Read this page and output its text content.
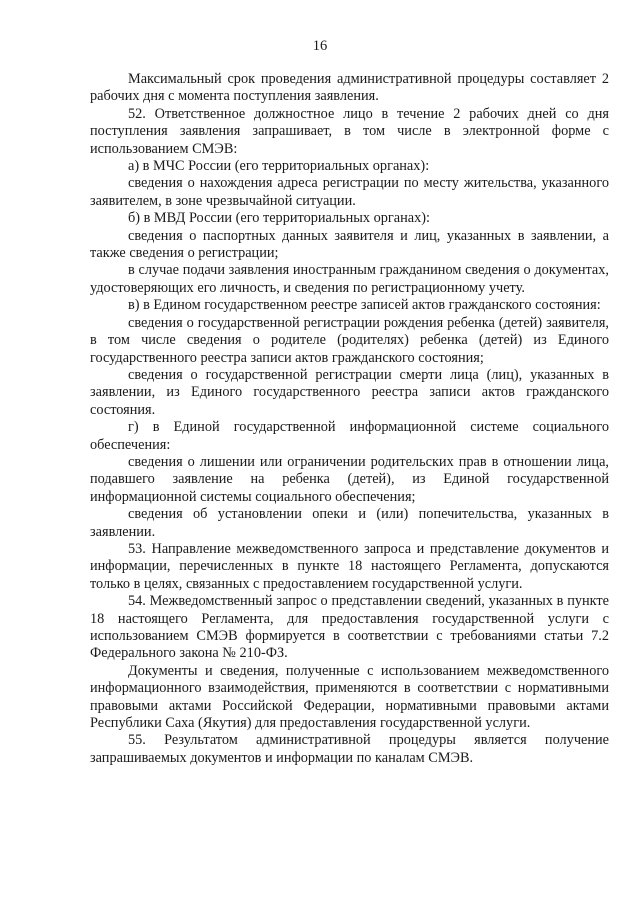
16

Максимальный срок проведения административной процедуры составляет 2 рабочих дня с момента поступления заявления.

52. Ответственное должностное лицо в течение 2 рабочих дней со дня поступления заявления запрашивает, в том числе в электронной форме с использованием СМЭВ:

а) в МЧС России (его территориальных органах):

сведения о нахождения адреса регистрации по месту жительства, указанного заявителем, в зоне чрезвычайной ситуации.

б) в МВД России (его территориальных органах):

сведения о паспортных данных заявителя и лиц, указанных в заявлении, а также сведения о регистрации;

в случае подачи заявления иностранным гражданином сведения о документах, удостоверяющих его личность, и сведения по регистрационному учету.

в) в Едином государственном реестре записей актов гражданского состояния:

сведения о государственной регистрации рождения ребенка (детей) заявителя, в том числе сведения о родителе (родителях) ребенка (детей) из Единого государственного реестра записи актов гражданского состояния;

сведения о государственной регистрации смерти лица (лиц), указанных в заявлении, из Единого государственного реестра записи актов гражданского состояния.

г) в Единой государственной информационной системе социального обеспечения:

сведения о лишении или ограничении родительских прав в отношении лица, подавшего заявление на ребенка (детей), из Единой государственной информационной системы социального обеспечения;

сведения об установлении опеки и (или) попечительства, указанных в заявлении.

53. Направление межведомственного запроса и представление документов и информации, перечисленных в пункте 18 настоящего Регламента, допускаются только в целях, связанных с предоставлением государственной услуги.

54. Межведомственный запрос о представлении сведений, указанных в пункте 18 настоящего Регламента, для предоставления государственной услуги с использованием СМЭВ формируется в соответствии с требованиями статьи 7.2 Федерального закона № 210-ФЗ.

Документы и сведения, полученные с использованием межведомственного информационного взаимодействия, применяются в соответствии с нормативными правовыми актами Российской Федерации, нормативными правовыми актами Республики Саха (Якутия) для предоставления государственной услуги.

55. Результатом административной процедуры является получение запрашиваемых документов и информации по каналам СМЭВ.
